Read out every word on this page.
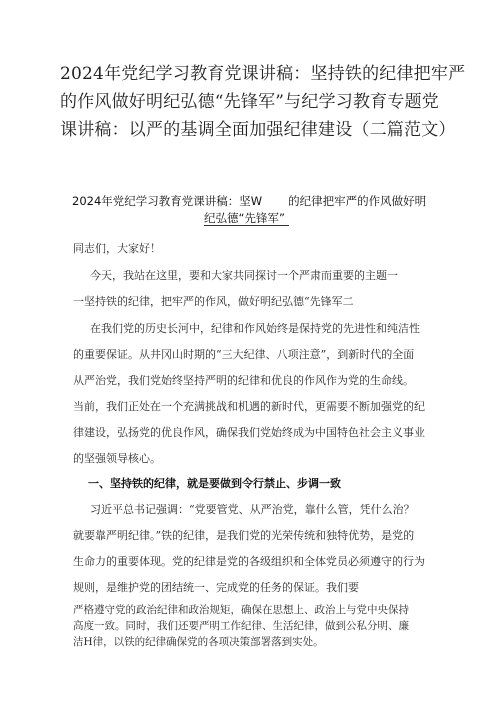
2024年党纪学习教育党课讲稿：坚持铁的纪律把牢严
的作风做好明纪弘德“先锋军”与纪学习教育专题党
课讲稿：以严的基调全面加强纪律建设（二篇范文）
2024年党纪学习教育党课讲稿：坚W 的纪律把牢严的作风做好明
纪弘德“先锋军”
同志们，大家好！
今天，我站在这里，要和大家共同探讨一个严肃而重要的主题一
一坚持铁的纪律，把牢严的作风，做好明纪弘德“先锋军二
在我们党的历史长河中，纪律和作风始终是保持党的先进性和纯洁性
的重要保证。从井冈山时期的“三大纪律、八项注意”，到新时代的全面
从严治党，我们党始终坚持严明的纪律和优良的作风作为党的生命线。
当前，我们正处在一个充满挑战和机遇的新时代，更需要不断加强党的纪
律建设，弘扬党的优良作风，确保我们党始终成为中国特色社会主义事业
的坚强领导核心。
一、坚持铁的纪律，就是要做到令行禁止、步调一致
习近平总书记强调：“党要管党、从严治党，靠什么管，凭什么治？
就要靠严明纪律。”铁的纪律，是我们党的光荣传统和独特优势，是党的
生命力的重要体现。党的纪律是党的各级组织和全体党员必须遵守的行为
规则，是维护党的团结统一、完成党的任务的保证。我们要
严格遵守党的政治纪律和政治规矩，确保在思想上、政治上与党中央保持
高度一致。同时，我们还要严明工作纪律、生活纪律，做到公私分明、廉
洁H律，以铁的纪律确保党的各项决策部署落到实处。
